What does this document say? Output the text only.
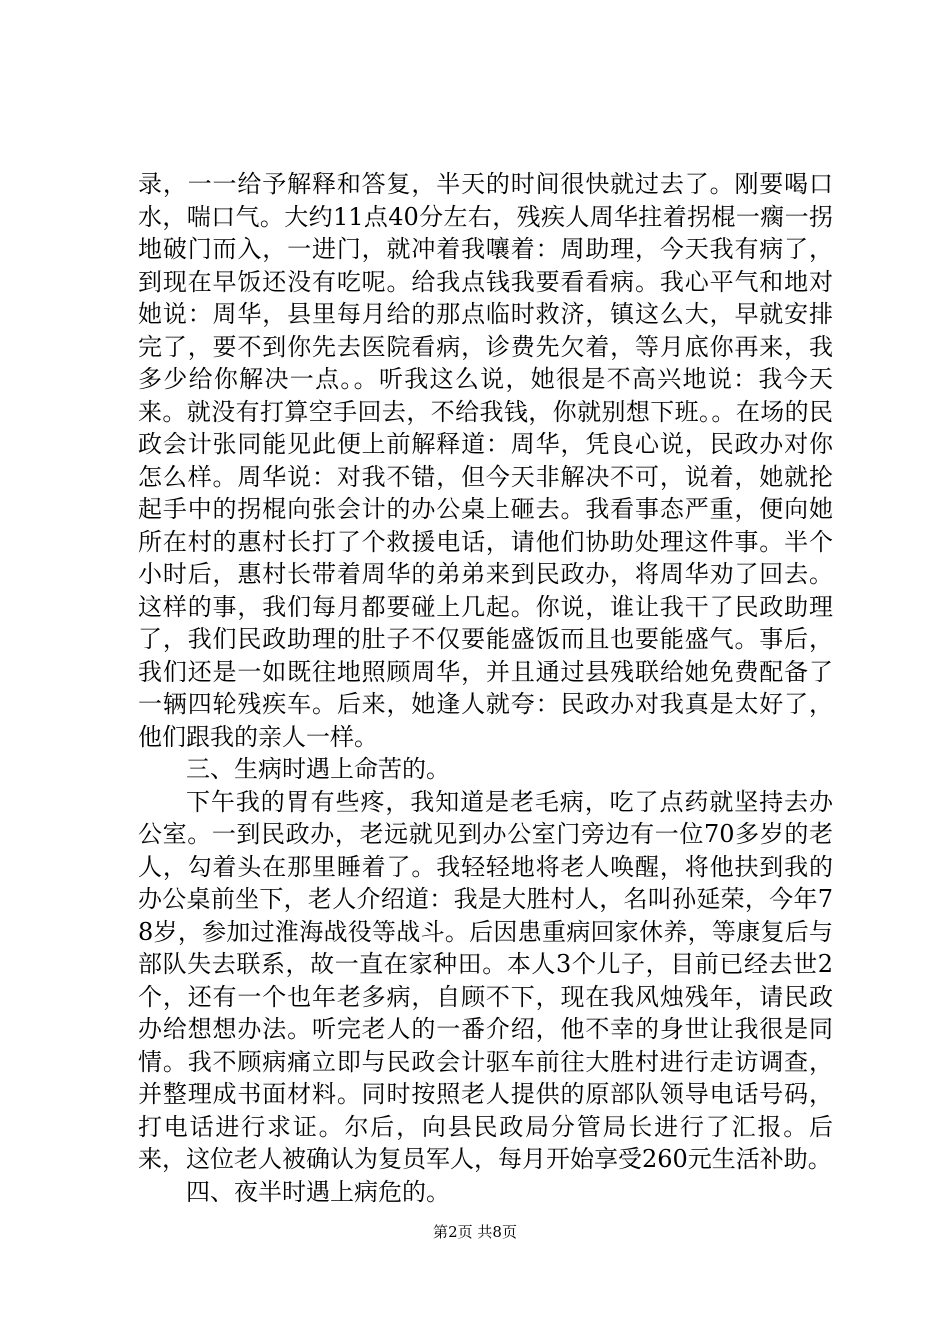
录，一一给予解释和答复，半天的时间很快就过去了。刚要喝口水，喘口气。大约11点40分左右，残疾人周华拄着拐棍一瘸一拐地破门而入，一进门，就冲着我嚷着：周助理，今天我有病了，到现在早饭还没有吃呢。给我点钱我要看看病。我心平气和地对她说：周华，县里每月给的那点临时救济，镇这么大，早就安排完了，要不到你先去医院看病，诊费先欠着，等月底你再来，我多少给你解决一点。。听我这么说，她很是不高兴地说：我今天来。就没有打算空手回去，不给我钱，你就别想下班。。在场的民政会计张同能见此便上前解释道：周华，凭良心说，民政办对你怎么样。周华说：对我不错，但今天非解决不可，说着，她就抡起手中的拐棍向张会计的办公桌上砸去。我看事态严重，便向她所在村的惠村长打了个救援电话，请他们协助处理这件事。半个小时后，惠村长带着周华的弟弟来到民政办，将周华劝了回去。这样的事，我们每月都要碰上几起。你说，谁让我干了民政助理了，我们民政助理的肚子不仅要能盛饭而且也要能盛气。事后，我们还是一如既往地照顾周华，并且通过县残联给她免费配备了一辆四轮残疾车。后来，她逢人就夸：民政办对我真是太好了，他们跟我的亲人一样。

三、生病时遇上命苦的。

下午我的胃有些疼，我知道是老毛病，吃了点药就坚持去办公室。一到民政办，老远就见到办公室门旁边有一位70多岁的老人，勾着头在那里睡着了。我轻轻地将老人唤醒，将他扶到我的办公桌前坐下，老人介绍道：我是大胜村人，名叫孙延荣，今年78岁，参加过淮海战役等战斗。后因患重病回家休养，等康复后与部队失去联系，故一直在家种田。本人3个儿子，目前已经去世2个，还有一个也年老多病，自顾不下，现在我风烛残年，请民政办给想想办法。听完老人的一番介绍，他不幸的身世让我很是同情。我不顾病痛立即与民政会计驱车前往大胜村进行走访调查，并整理成书面材料。同时按照老人提供的原部队领导电话号码，打电话进行求证。尔后，向县民政局分管局长进行了汇报。后来，这位老人被确认为复员军人，每月开始享受260元生活补助。

四、夜半时遇上病危的。

第2页 共8页
